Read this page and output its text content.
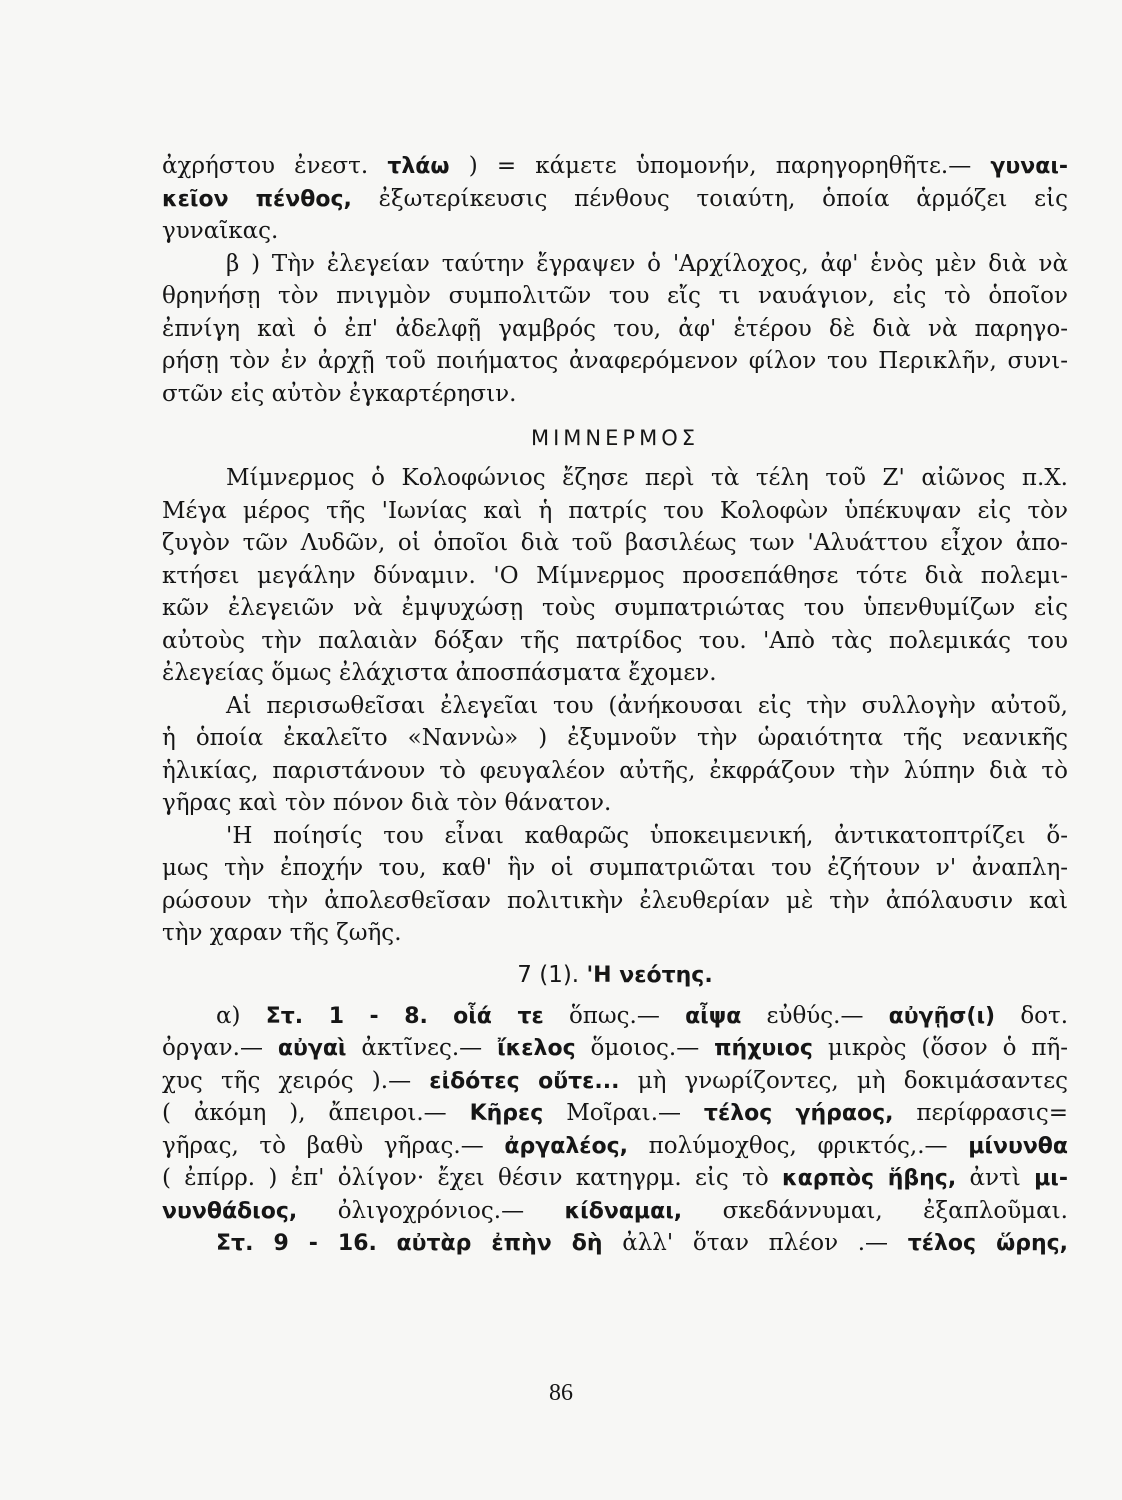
ἀχρήστου ἐνεστ. τλάω ) = κάμετε ὑπομονήν, παρηγορηθῆτε.— γυναι-
κεῖον πένθος, ἐξωτερίκευσις πένθους τοιαύτη, ὁποία ἁρμόζει εἰς
γυναῖκας.
β ) Τὴν ἐλεγείαν ταύτην ἔγραψεν ὁ 'Αρχίλοχος, ἀφ' ἑνὸς μὲν διὰ νὰ
θρηνήσῃ τὸν πνιγμὸν συμπολιτῶν του εἴς τι ναυάγιον, εἰς τὸ ὁποῖον
ἐπνίγη καὶ ὁ ἐπ' ἀδελφῇ γαμβρός του, ἀφ' ἑτέρου δὲ διὰ νὰ παρηγο-
ρήσῃ τὸν ἐν ἀρχῇ τοῦ ποιήματος ἀναφερόμενον φίλον του Περικλῆν, συνι-
στῶν εἰς αὐτὸν ἐγκαρτέρησιν.
ΜΙΜΝΕΡΜΟΣ
Μίμνερμος ὁ Κολοφώνιος ἔζησε περὶ τὰ τέλη τοῦ Ζ' αἰῶνος π.Χ.
Μέγα μέρος τῆς 'Ιωνίας καὶ ἡ πατρίς του Κολοφὼν ὑπέκυψαν εἰς τὸν
ζυγὸν τῶν Λυδῶν, οἱ ὁποῖοι διὰ τοῦ βασιλέως των 'Αλυάττου εἶχον ἀπο-
κτήσει μεγάλην δύναμιν. 'Ο Μίμνερμος προσεπάθησε τότε διὰ πολεμι-
κῶν ἐλεγειῶν νὰ ἐμψυχώσῃ τοὺς συμπατριώτας του ὑπενθυμίζων εἰς
αὐτοὺς τὴν παλαιὰν δόξαν τῆς πατρίδος του. 'Απὸ τὰς πολεμικάς του
ἐλεγείας ὅμως ἐλάχιστα ἀποσπάσματα ἔχομεν.
Αἱ περισωθεῖσαι ἐλεγεῖαι του (ἀνήκουσαι εἰς τὴν συλλογὴν αὐτοῦ,
ἡ ὁποία ἐκαλεῖτο «Ναννὼ» ) ἐξυμνοῦν τὴν ὡραιότητα τῆς νεανικῆς
ἡλικίας, παριστάνουν τὸ φευγαλέον αὐτῆς, ἐκφράζουν τὴν λύπην διὰ τὸ
γῆρας καὶ τὸν πόνον διὰ τὸν θάνατον.
'Η ποίησίς του εἶναι καθαρῶς ὑποκειμενική, ἀντικατοπτρίζει ὅ-
μως τὴν ἐποχήν του, καθ' ἣν οἱ συμπατριῶται του ἐζήτουν ν' ἀναπλη-
ρώσουν τὴν ἀπολεσθεῖσαν πολιτικὴν ἐλευθερίαν μὲ τὴν ἀπόλαυσιν καὶ
τὴν χαραν τῆς ζωῆς.
7 (1). 'Η νεότης.
α) Στ. 1 - 8. οἷά τε ὅπως.— αἶψα εὐθύς.— αὐγῇσ(ι) δοτ.
ὀργαν.— αὐγαὶ ἀκτῖνες.— ἴκελος ὅμοιος.— πήχυιος μικρὸς (ὅσον ὁ πῆ-
χυς τῆς χειρός ).— εἰδότες οὔτε... μὴ γνωρίζοντες, μὴ δοκιμάσαντες
( ἀκόμη ), ἄπειροι.— Κῆρες Μοῖραι.— τέλος γήραος, περίφρασις=
γῆρας, τὸ βαθὺ γῆρας.— ἀργαλέος, πολύμοχθος, φρικτός,.— μίνυνθα
( ἐπίρρ. ) ἐπ' ὀλίγον· ἔχει θέσιν κατηγρμ. εἰς τὸ καρπὸς ἥβης, ἀντὶ μι-
νυνθάδιος, ὀλιγοχρόνιος.— κίδναμαι, σκεδάννυμαι, ἐξαπλοῦμαι.
Στ. 9 - 16. αὐτὰρ ἐπὴν δὴ ἀλλ' ὅταν πλέον .— τέλος ὥρης,
86
